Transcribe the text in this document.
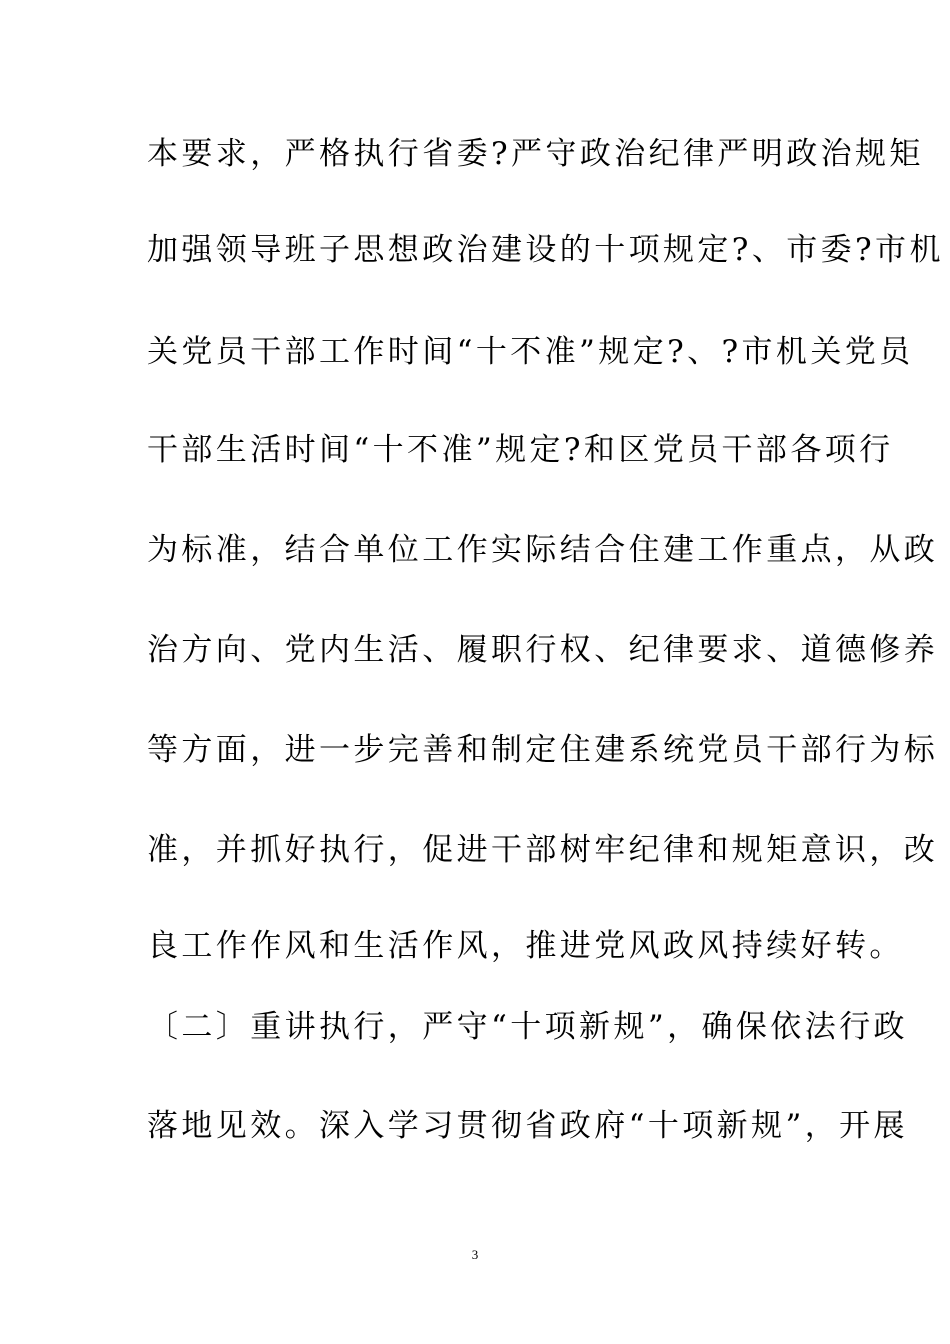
本要求，严格执行省委?严守政治纪律严明政治规矩
加强领导班子思想政治建设的十项规定?、市委?市机
关党员干部工作时间“十不准”规定?、?市机关党员
干部生活时间“十不准”规定?和区党员干部各项行
为标准，结合单位工作实际结合住建工作重点，从政
治方向、党内生活、履职行权、纪律要求、道德修养
等方面，进一步完善和制定住建系统党员干部行为标
准，并抓好执行，促进干部树牢纪律和规矩意识，改
良工作作风和生活作风，推进党风政风持续好转。
〔二〕重讲执行，严守“十项新规”，确保依法行政
落地见效。深入学习贯彻省政府“十项新规”，开展
3
